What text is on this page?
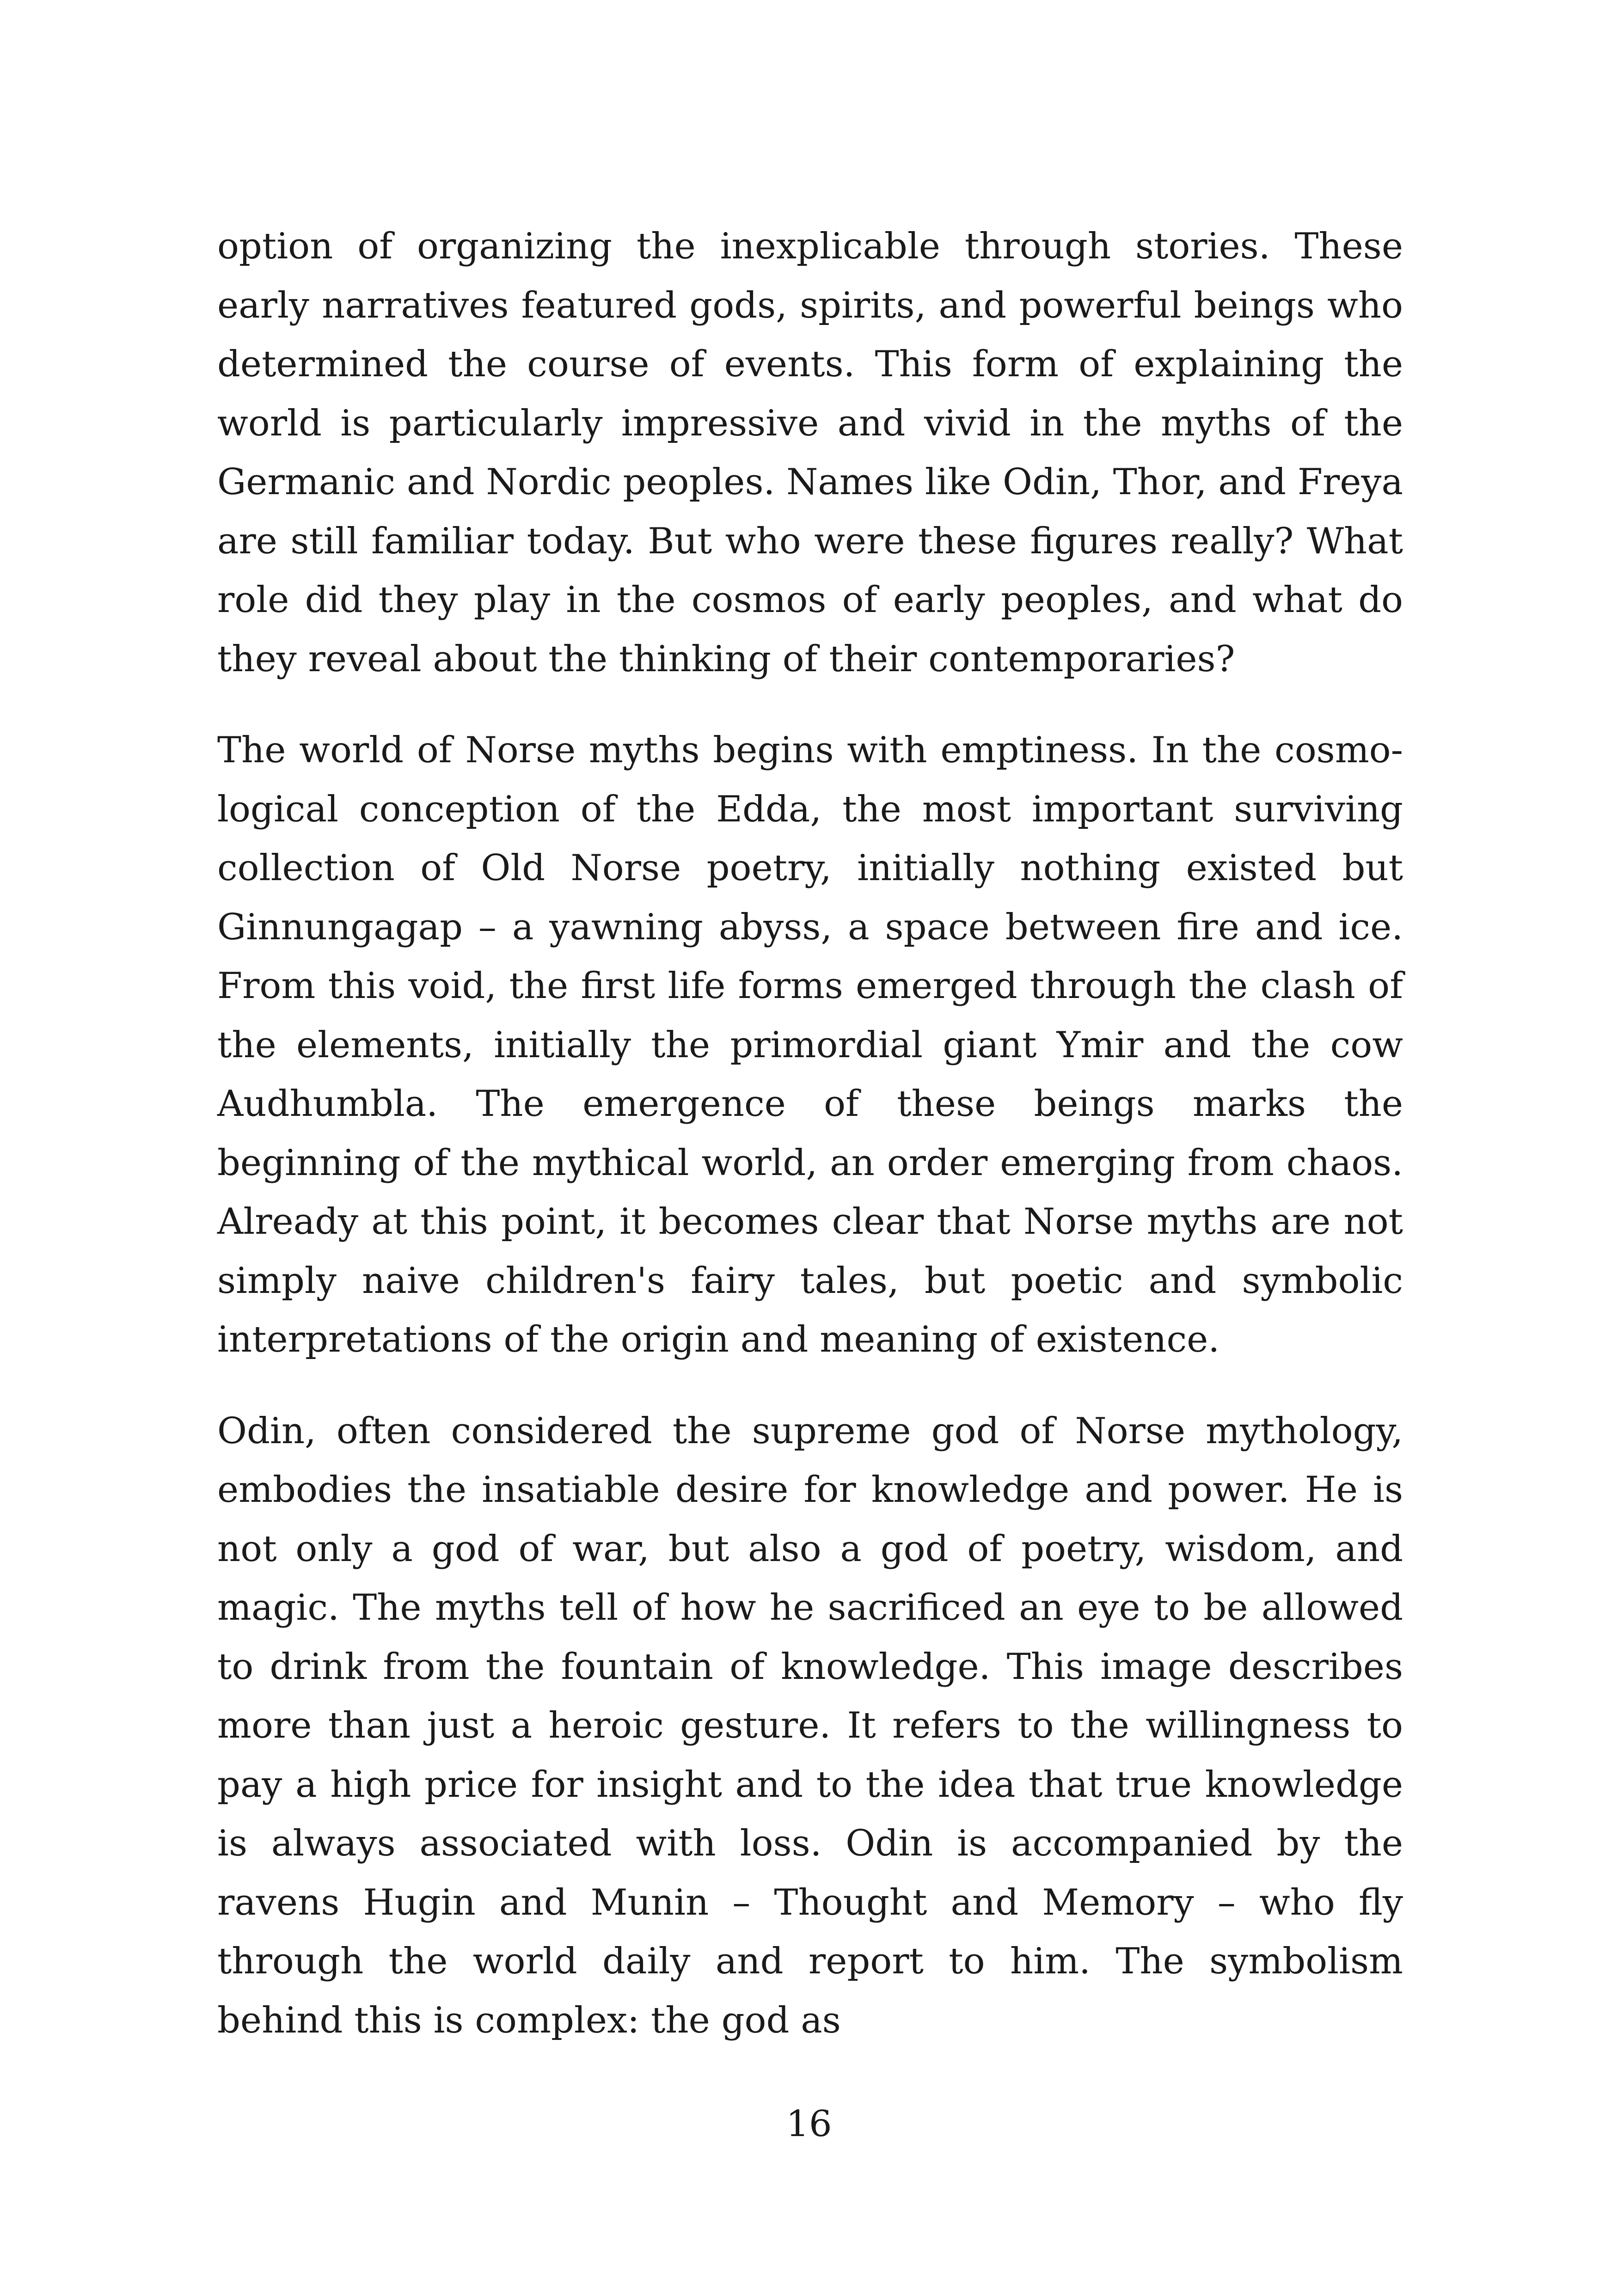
option of organizing the inexplicable through stories. These early narratives featured gods, spirits, and powerful beings who determined the course of events. This form of explaining the world is particularly impressive and vivid in the myths of the Germanic and Nordic peoples. Names like Odin, Thor, and Freya are still familiar today. But who were these figures really? What role did they play in the cosmos of early peoples, and what do they reveal about the thinking of their contemporaries?

The world of Norse myths begins with emptiness. In the cosmological conception of the Edda, the most important surviving collection of Old Norse poetry, initially nothing existed but Ginnungagap – a yawning abyss, a space between fire and ice. From this void, the first life forms emerged through the clash of the elements, initially the primordial giant Ymir and the cow Audhumbla. The emergence of these beings marks the beginning of the mythical world, an order emerging from chaos. Already at this point, it becomes clear that Norse myths are not simply naive children's fairy tales, but poetic and symbolic interpretations of the origin and meaning of existence.

Odin, often considered the supreme god of Norse mythology, embodies the insatiable desire for knowledge and power. He is not only a god of war, but also a god of poetry, wisdom, and magic. The myths tell of how he sacrificed an eye to be allowed to drink from the fountain of knowledge. This image describes more than just a heroic gesture. It refers to the willingness to pay a high price for insight and to the idea that true knowledge is always associated with loss. Odin is accompanied by the ravens Hugin and Munin – Thought and Memory – who fly through the world daily and report to him. The symbolism behind this is complex: the god as

16
